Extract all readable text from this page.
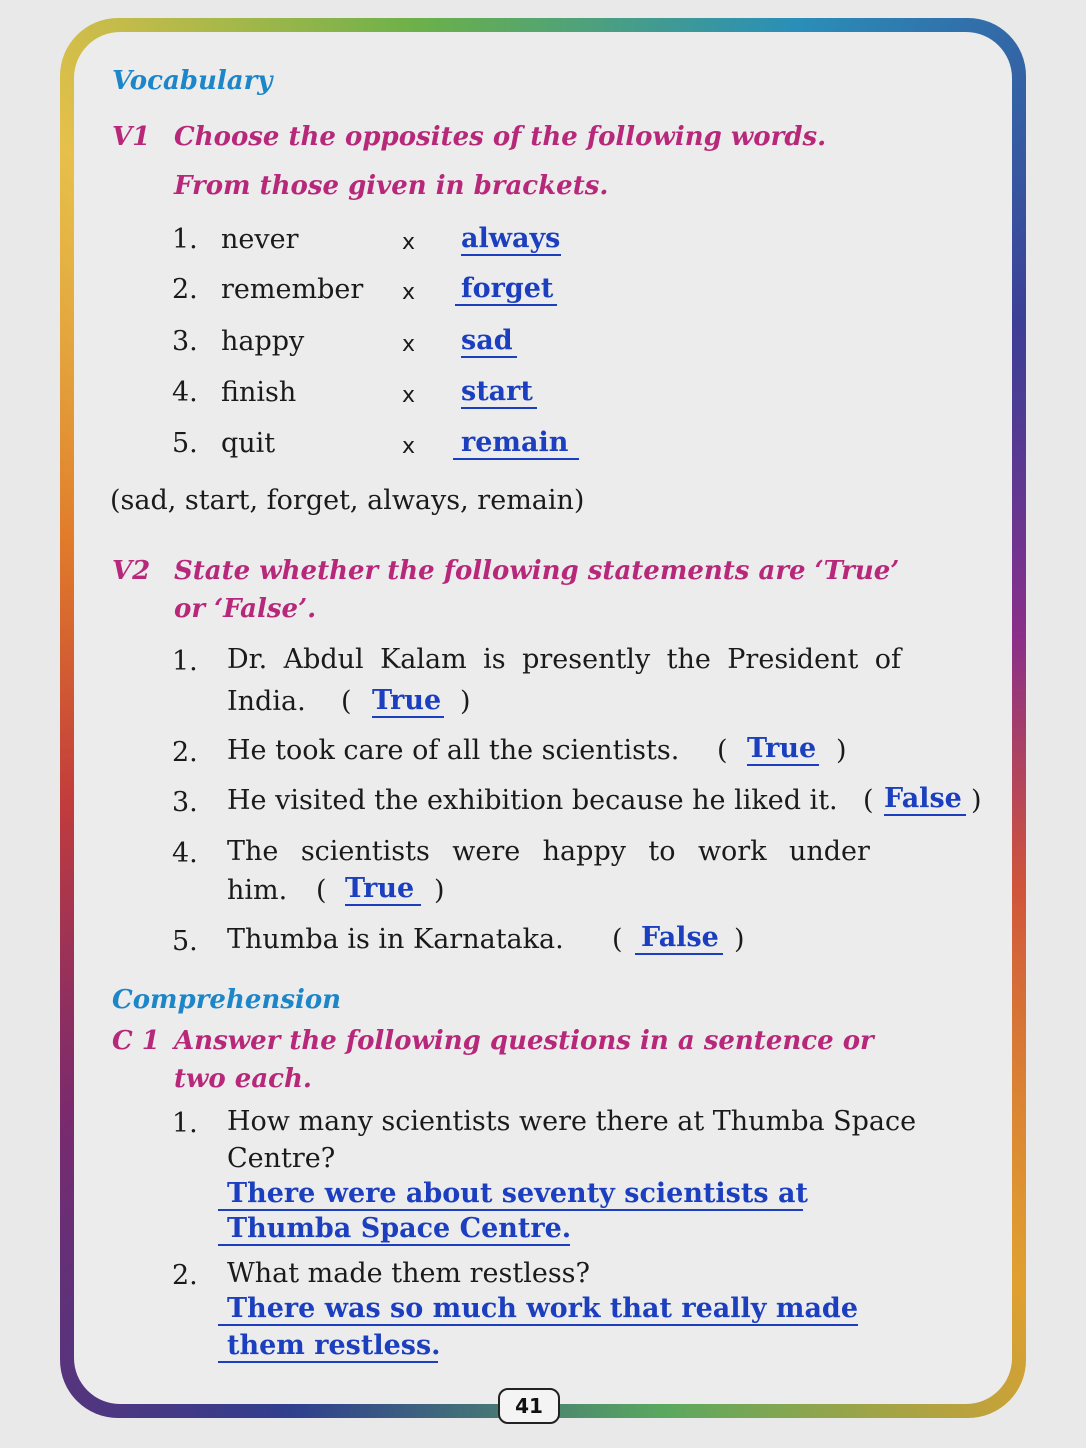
Vocabulary
V1 Choose the opposites of the following words.
From those given in brackets.
1. never	x always
2. remember x forget
3. happy	x sad
4. finish	x start
5. quit	x remain
(sad, start, forget, always, remain)
V2 State whether the following statements are ‘True’
or ‘False’.
1. Dr. Abdul Kalam is presently the President of
India. ( True )
2. He took care of all the scientists. ( True )
3. He visited the exhibition because he liked it. ( False )
4. The scientists were happy to work under
him. ( True )
5. Thumba is in Karnataka. ( False )
Comprehension
C 1 Answer the following questions in a sentence or
two each.
1. How many scientists were there at Thumba Space
Centre?
There were about seventy scientists at
Thumba Space Centre.
2. What made them restless?
There was so much work that really made
them restless.
41
